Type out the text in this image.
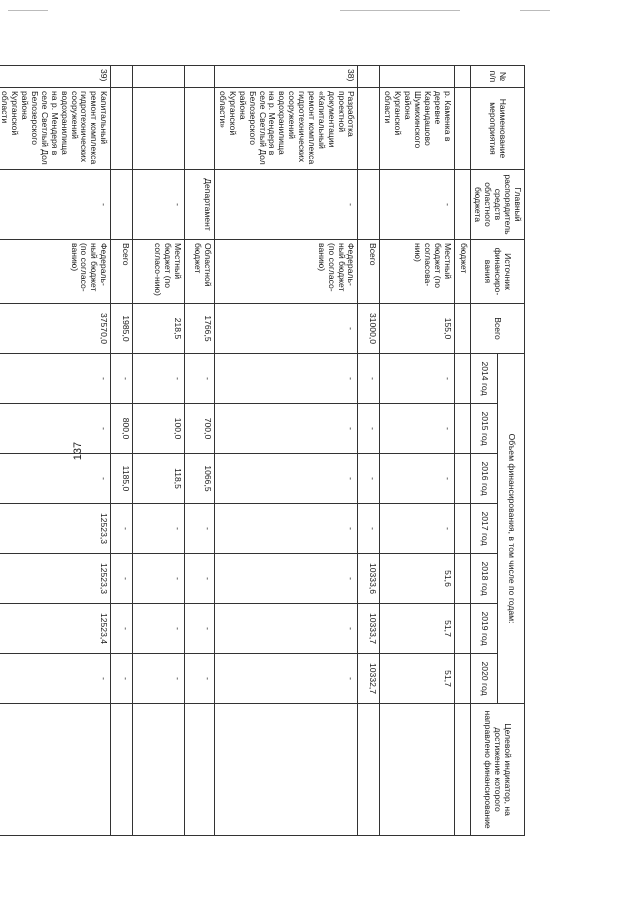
137
№ п/п	Наименование мероприятия	Главный распорядитель средств областного бюджета	Источник финансиро-вания	Всего	Объем финансирования, в том числе по годам:							Целевой индикатор, на достижение которого направлено финансирование
					2014 год	2015 год	2016 год	2017 год	2018 год	2019 год	2020 год	
			бюджет									
	р. Каменка в деревне Карандашово Шумихинского района Курганской области	-	Местный бюджет (по согласова-нию)	155,0	-	-	-	-	51,6	51,7	51,7	
			Всего	31000,0	-	-	-	-	10333,6	10333,7	10332,7	
38)	Разработка проектной документации «Капитальный ремонт комплекса гидротехнических сооружений водохранилища на р. Мендеря в селе Светлый Дол Белозерского района Курганской области»	-	Федераль-ный бюджет (по согласо-ванию)	-	-	-	-	-	-	-	-	
		Департамент	Областной бюджет	1766,5	-	700,0	1066,5	-	-	-	-	
		-	Местный бюджет (по согласо-нию)	218,5	-	100,0	118,5	-	-	-	-	
			Всего	1985,0	-	800,0	1185,0	-	-	-	-	
39)	Капитальный ремонт комплекса гидротехнических сооружений водохранилища на р. Мендеря в селе Светлый Дол Белозерского района Курганской области	-	Федераль-ный бюджет (по согласо-ванию)	37570,0	-	-	-	12523,3	12523,3	12523,4	-	
